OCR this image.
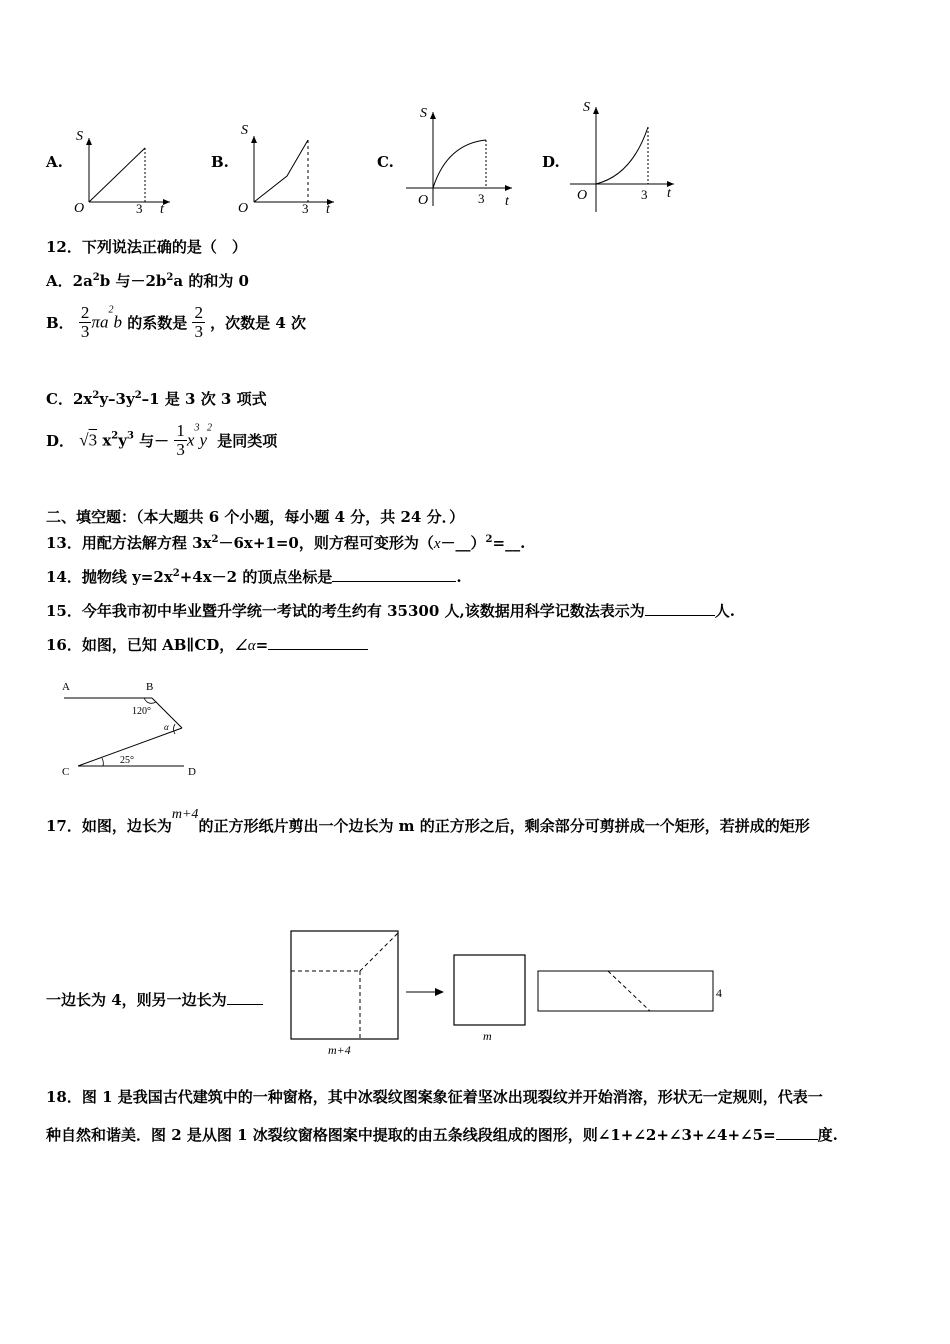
A.	B.	C.	D.
S
O	3 t
S
O	3 t
S
O	3 t
S
O	3 t
12．下列说法正确的是（　）
A．$2a^2b$ 与$-2b^2a$ 的和为 0
B． $\frac{2}{3} \pi a^2b$ 的系数是 $\frac{2}{3}$ ，次数是 4 次
C．$2x^2y-3y^2-1$ 是 3 次 3 项式
D． √3 $x^2y^3$ 与－ $\frac{1}{3} x^3y^2$ 是同类项
二、填空题：（本大题共 6 个小题，每小题 4 分，共 24 分．）
13．用配方法解方程 $3x^2-6x+1=0$，则方程可变形为（x－__）$^2$=__.
14．抛物线 $y=2x^2+4x-2$ 的顶点坐标是	.
15．今年我市初中毕业暨升学统一考试的考生约有 35300 人,该数据用科学记数法表示为	人.
16．如图，已知 AB∥CD，∠α=
A	B
C	D
120°
α
25°
17．如图，边长为m+4的正方形纸片剪出一个边长为 m 的正方形之后，剩余部分可剪拼成一个矩形，若拼成的矩形
一边长为 4，则另一边长为
m+4
m
4
18．图 1 是我国古代建筑中的一种窗格，其中冰裂纹图案象征着坚冰出现裂纹并开始消溶，形状无一定规则，代表一
种自然和谐美．图 2 是从图 1 冰裂纹窗格图案中提取的由五条线段组成的图形，则∠1+∠2+∠3+∠4+∠5=	度.
